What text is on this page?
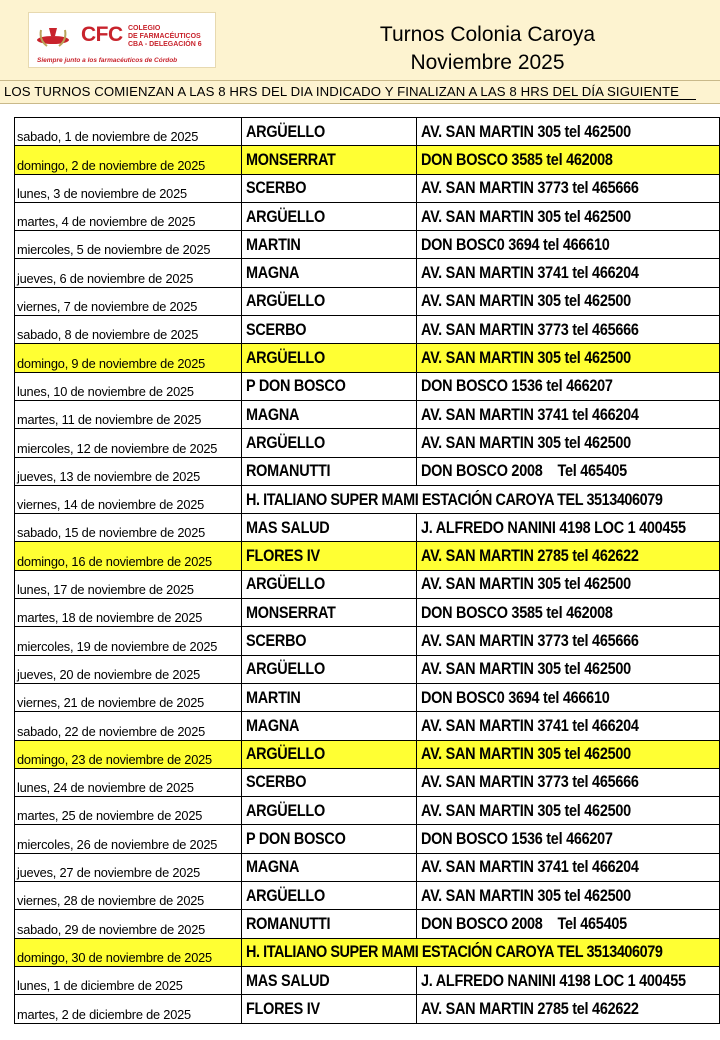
CFC COLEGIO
DE FARMACÉUTICOS
CBA - DELEGACIÓN 6
Siempre junto a los farmacéuticos de Córdob
Turnos Colonia Caroya
Noviembre 2025
LOS TURNOS COMIENZAN A LAS 8 HRS DEL DIA INDICADO Y FINALIZAN A LAS 8 HRS DEL DÍA SIGUIENTE
sabado, 1 de noviembre de 2025	ARGÜELLO	AV. SAN MARTIN 305 tel 462500
domingo, 2 de noviembre de 2025	MONSERRAT	DON BOSCO 3585 tel 462008
lunes, 3 de noviembre de 2025	SCERBO	AV. SAN MARTIN 3773 tel 465666
martes, 4 de noviembre de 2025	ARGÜELLO	AV. SAN MARTIN 305 tel 462500
miercoles, 5 de noviembre de 2025	MARTIN	DON BOSC0 3694 tel 466610
jueves, 6 de noviembre de 2025	MAGNA	AV. SAN MARTIN 3741 tel 466204
viernes, 7 de noviembre de 2025	ARGÜELLO	AV. SAN MARTIN 305 tel 462500
sabado, 8 de noviembre de 2025	SCERBO	AV. SAN MARTIN 3773 tel 465666
domingo, 9 de noviembre de 2025	ARGÜELLO	AV. SAN MARTIN 305 tel 462500
lunes, 10 de noviembre de 2025	P DON BOSCO	DON BOSCO 1536 tel 466207
martes, 11 de noviembre de 2025	MAGNA	AV. SAN MARTIN 3741 tel 466204
miercoles, 12 de noviembre de 2025	ARGÜELLO	AV. SAN MARTIN 305 tel 462500
jueves, 13 de noviembre de 2025	ROMANUTTI	DON BOSCO 2008    Tel 465405
viernes, 14 de noviembre de 2025	H. ITALIANO SUPER MAMI ESTACIÓN CAROYA TEL 3513406079	
sabado, 15 de noviembre de 2025	MAS SALUD	J. ALFREDO NANINI 4198 LOC 1 400455
domingo, 16 de noviembre de 2025	FLORES IV	AV. SAN MARTIN 2785 tel 462622
lunes, 17 de noviembre de 2025	ARGÜELLO	AV. SAN MARTIN 305 tel 462500
martes, 18 de noviembre de 2025	MONSERRAT	DON BOSCO 3585 tel 462008
miercoles, 19 de noviembre de 2025	SCERBO	AV. SAN MARTIN 3773 tel 465666
jueves, 20 de noviembre de 2025	ARGÜELLO	AV. SAN MARTIN 305 tel 462500
viernes, 21 de noviembre de 2025	MARTIN	DON BOSC0 3694 tel 466610
sabado, 22 de noviembre de 2025	MAGNA	AV. SAN MARTIN 3741 tel 466204
domingo, 23 de noviembre de 2025	ARGÜELLO	AV. SAN MARTIN 305 tel 462500
lunes, 24 de noviembre de 2025	SCERBO	AV. SAN MARTIN 3773 tel 465666
martes, 25 de noviembre de 2025	ARGÜELLO	AV. SAN MARTIN 305 tel 462500
miercoles, 26 de noviembre de 2025	P DON BOSCO	DON BOSCO 1536 tel 466207
jueves, 27 de noviembre de 2025	MAGNA	AV. SAN MARTIN 3741 tel 466204
viernes, 28 de noviembre de 2025	ARGÜELLO	AV. SAN MARTIN 305 tel 462500
sabado, 29 de noviembre de 2025	ROMANUTTI	DON BOSCO 2008    Tel 465405
domingo, 30 de noviembre de 2025	H. ITALIANO SUPER MAMI ESTACIÓN CAROYA TEL 3513406079	
lunes, 1 de diciembre de 2025	MAS SALUD	J. ALFREDO NANINI 4198 LOC 1 400455
martes, 2 de diciembre de 2025	FLORES IV	AV. SAN MARTIN 2785 tel 462622
